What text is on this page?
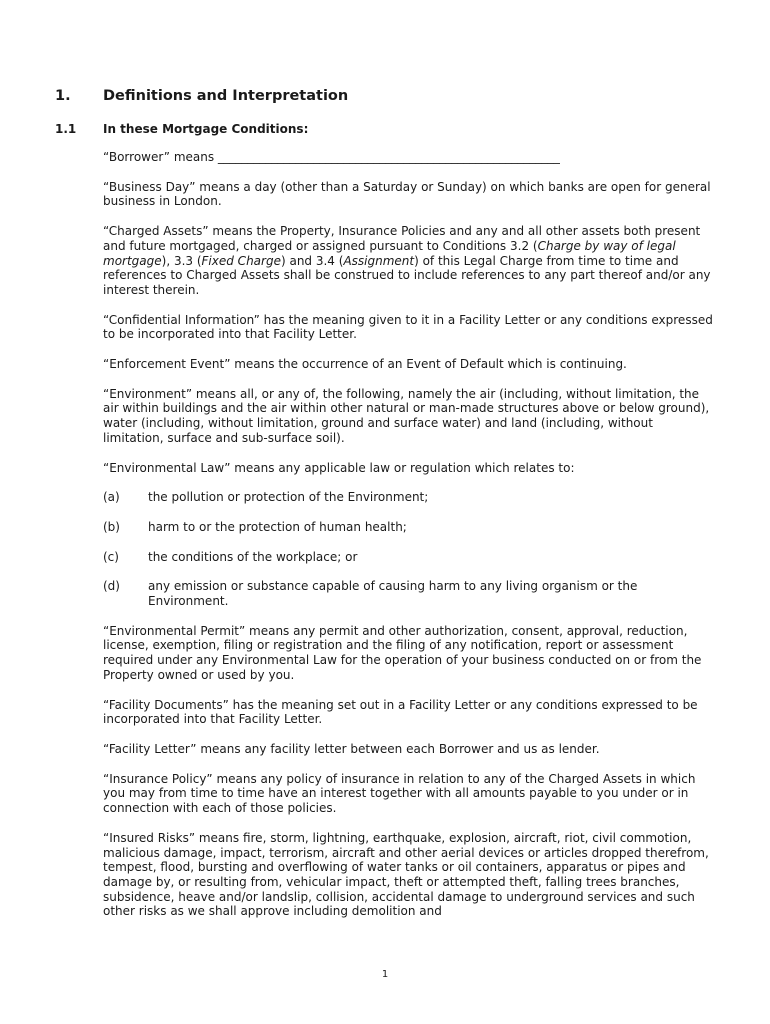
1. Definitions and Interpretation
1.1 In these Mortgage Conditions:

“Borrower” means _________________________________________________________

“Business Day” means a day (other than a Saturday or Sunday) on which banks are open for general business in London.

“Charged Assets” means the Property, Insurance Policies and any and all other assets both present and future mortgaged, charged or assigned pursuant to Conditions 3.2 (Charge by way of legal mortgage), 3.3 (Fixed Charge) and 3.4 (Assignment) of this Legal Charge from time to time and references to Charged Assets shall be construed to include references to any part thereof and/or any interest therein.

“Confidential Information” has the meaning given to it in a Facility Letter or any conditions expressed to be incorporated into that Facility Letter.

“Enforcement Event” means the occurrence of an Event of Default which is continuing.

“Environment” means all, or any of, the following, namely the air (including, without limitation, the air within buildings and the air within other natural or man-made structures above or below ground), water (including, without limitation, ground and surface water) and land (including, without limitation, surface and sub-surface soil).

“Environmental Law” means any applicable law or regulation which relates to:

(a) the pollution or protection of the Environment;
(b) harm to or the protection of human health;
(c) the conditions of the workplace; or
(d) any emission or substance capable of causing harm to any living organism or the Environment.

“Environmental Permit” means any permit and other authorization, consent, approval, reduction, license, exemption, filing or registration and the filing of any notification, report or assessment required under any Environmental Law for the operation of your business conducted on or from the Property owned or used by you.

“Facility Documents” has the meaning set out in a Facility Letter or any conditions expressed to be incorporated into that Facility Letter.

“Facility Letter” means any facility letter between each Borrower and us as lender.

“Insurance Policy” means any policy of insurance in relation to any of the Charged Assets in which you may from time to time have an interest together with all amounts payable to you under or in connection with each of those policies.

“Insured Risks” means fire, storm, lightning, earthquake, explosion, aircraft, riot, civil commotion, malicious damage, impact, terrorism, aircraft and other aerial devices or articles dropped therefrom, tempest, flood, bursting and overflowing of water tanks or oil containers, apparatus or pipes and damage by, or resulting from, vehicular impact, theft or attempted theft, falling trees branches, subsidence, heave and/or landslip, collision, accidental damage to underground services and such other risks as we shall approve including demolition and

1
